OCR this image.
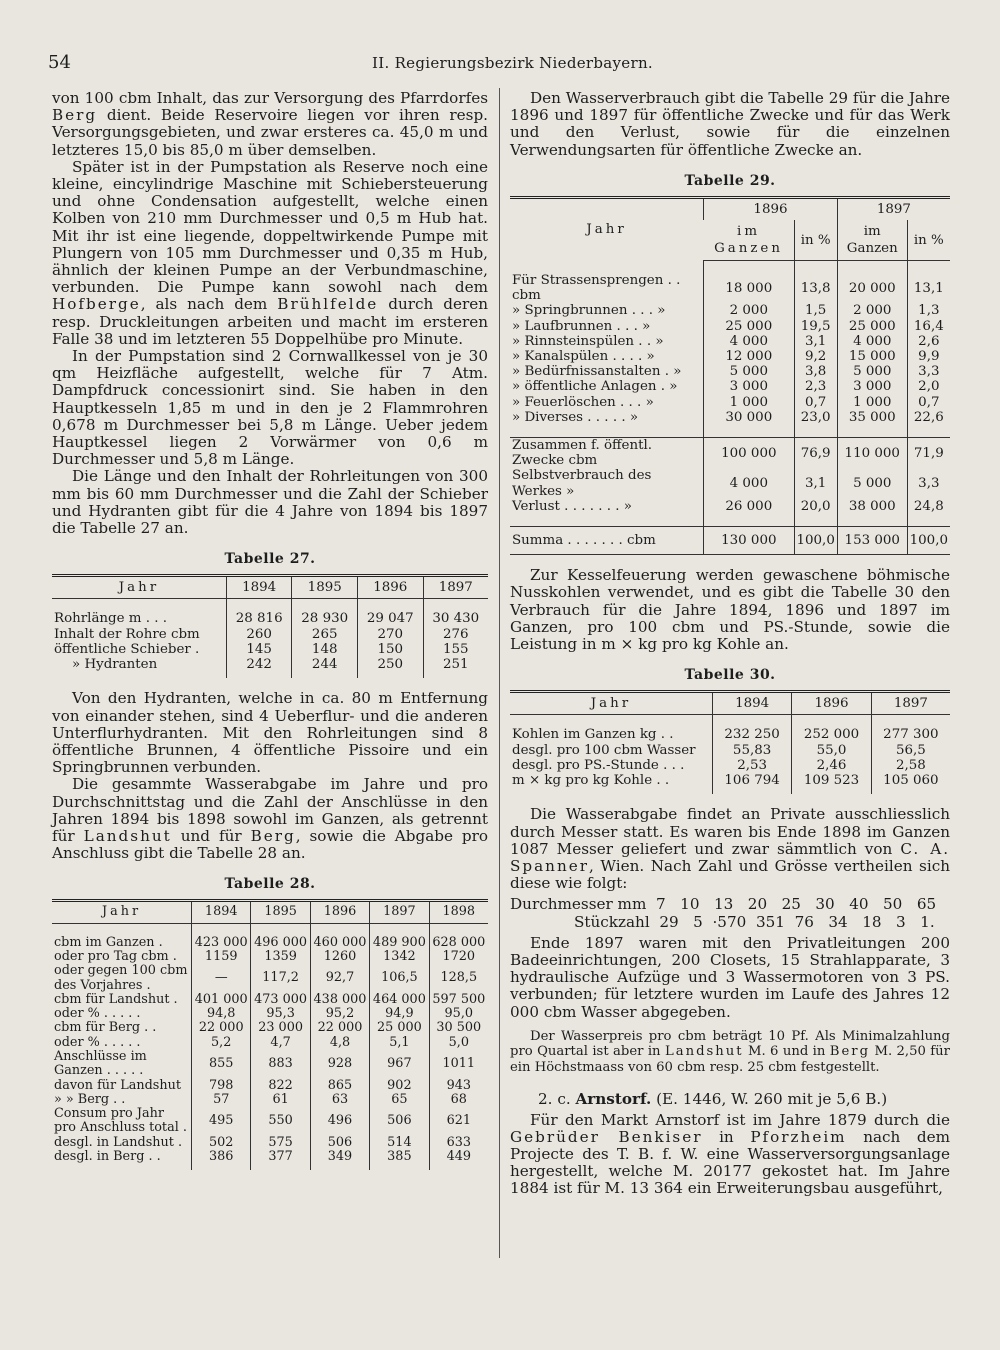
54	II. Regierungsbezirk Niederbayern.

von 100 cbm Inhalt, das zur Versorgung des Pfarrdorfes Berg dient. Beide Reservoire liegen vor ihren resp. Versorgungsgebieten, und zwar ersteres ca. 45,0 m und letzteres 15,0 bis 85,0 m über demselben.

Später ist in der Pumpstation als Reserve noch eine kleine, eincylindrige Maschine mit Schiebersteuerung und ohne Condensation aufgestellt, welche einen Kolben von 210 mm Durchmesser und 0,5 m Hub hat. Mit ihr ist eine liegende, doppeltwirkende Pumpe mit Plungern von 105 mm Durchmesser und 0,35 m Hub, ähnlich der kleinen Pumpe an der Verbundmaschine, verbunden. Die Pumpe kann sowohl nach dem Hofberge, als nach dem Brühlfelde durch deren resp. Druckleitungen arbeiten und macht im ersteren Falle 38 und im letzteren 55 Doppelhübe pro Minute.

In der Pumpstation sind 2 Cornwallkessel von je 30 qm Heizfläche aufgestellt, welche für 7 Atm. Dampfdruck concessionirt sind. Sie haben in den Hauptkesseln 1,85 m und in den je 2 Flammrohren 0,678 m Durchmesser bei 5,8 m Länge. Ueber jedem Hauptkessel liegen 2 Vorwärmer von 0,6 m Durchmesser und 5,8 m Länge.

Die Länge und den Inhalt der Rohrleitungen von 300 mm bis 60 mm Durchmesser und die Zahl der Schieber und Hydranten gibt für die 4 Jahre von 1894 bis 1897 die Tabelle 27 an.

Tabelle 27.
Jahr	1894	1895	1896	1897

Rohrlänge m . . .	28 816	28 930	29 047	30 430
Inhalt der Rohre cbm	260	265	270	276
öffentliche Schieber .	145	148	150	155
» Hydranten	242	244	250	251

Von den Hydranten, welche in ca. 80 m Entfernung von einander stehen, sind 4 Ueberflur- und die anderen Unterflurhydranten. Mit den Rohrleitungen sind 8 öffentliche Brunnen, 4 öffentliche Pissoire und ein Springbrunnen verbunden.

Die gesammte Wasserabgabe im Jahre und pro Durchschnittstag und die Zahl der Anschlüsse in den Jahren 1894 bis 1898 sowohl im Ganzen, als getrennt für Landshut und für Berg, sowie die Abgabe pro Anschluss gibt die Tabelle 28 an.

Tabelle 28.
Jahr	1894	1895	1896	1897	1898

cbm im Ganzen .	423 000	496 000	460 000	489 900	628 000
oder pro Tag cbm .	1159	1359	1260	1342	1720
oder gegen 100 cbm des Vorjahres .	—	117,2	92,7	106,5	128,5
cbm für Landshut .	401 000	473 000	438 000	464 000	597 500
oder % . . . . .	94,8	95,3	95,2	94,9	95,0
cbm für Berg . .	22 000	23 000	22 000	25 000	30 500
oder % . . . . .	5,2	4,7	4,8	5,1	5,0
Anschlüsse im Ganzen . . . . .	855	883	928	967	1011
davon für Landshut	798	822	865	902	943
» » Berg . .	57	61	63	65	68
Consum pro Jahr pro Anschluss total .	495	550	496	506	621
desgl. in Landshut .	502	575	506	514	633
desgl. in Berg . .	386	377	349	385	449

Den Wasserverbrauch gibt die Tabelle 29 für die Jahre 1896 und 1897 für öffentliche Zwecke und für das Werk und den Verlust, sowie für die einzelnen Verwendungsarten für öffentliche Zwecke an.

Tabelle 29.
Jahr	1896		1897	
	im Ganzen	in %	im Ganzen	in %

Für Strassensprengen . . cbm	18 000	13,8	20 000	13,1
» Springbrunnen . . . »	2 000	1,5	2 000	1,3
» Laufbrunnen . . . »	25 000	19,5	25 000	16,4
» Rinnsteinspülen . . »	4 000	3,1	4 000	2,6
» Kanalspülen . . . . »	12 000	9,2	15 000	9,9
» Bedürfnissanstalten . »	5 000	3,8	5 000	3,3
» öffentliche Anlagen . »	3 000	2,3	3 000	2,0
» Feuerlöschen . . . »	1 000	0,7	1 000	0,7
» Diverses . . . . . »	30 000	23,0	35 000	22,6

Zusammen f. öffentl. Zwecke cbm	100 000	76,9	110 000	71,9
Selbstverbrauch des Werkes »	4 000	3,1	5 000	3,3
Verlust . . . . . . . »	26 000	20,0	38 000	24,8

Summa . . . . . . . cbm	130 000	100,0	153 000	100,0

Zur Kesselfeuerung werden gewaschene böhmische Nusskohlen verwendet, und es gibt die Tabelle 30 den Verbrauch für die Jahre 1894, 1896 und 1897 im Ganzen, pro 100 cbm und PS.-Stunde, sowie die Leistung in m ⨯ kg pro kg Kohle an.

Tabelle 30.
Jahr	1894	1896	1897

Kohlen im Ganzen kg . .	232 250	252 000	277 300
desgl. pro 100 cbm Wasser	55,83	55,0	56,5
desgl. pro PS.-Stunde . . .	2,53	2,46	2,58
m ⨯ kg pro kg Kohle . .	106 794	109 523	105 060

Die Wasserabgabe findet an Private ausschliesslich durch Messer statt. Es waren bis Ende 1898 im Ganzen 1087 Messer geliefert und zwar sämmtlich von C. A. Spanner, Wien. Nach Zahl und Grösse vertheilen sich diese wie folgt:

Durchmesser mm  7   10   13   20   25   30   40   50   65

Stückzahl  29   5  ·570  351  76   34   18   3   1.

Ende 1897 waren mit den Privatleitungen 200 Badeeinrichtungen, 200 Closets, 15 Strahlapparate, 3 hydraulische Aufzüge und 3 Wassermotoren von 3 PS. verbunden; für letztere wurden im Laufe des Jahres 12 000 cbm Wasser abgegeben.

Der Wasserpreis pro cbm beträgt 10 Pf. Als Minimalzahlung pro Quartal ist aber in Landshut M. 6 und in Berg M. 2,50 für ein Höchstmaass von 60 cbm resp. 25 cbm festgestellt.

2. c. Arnstorf. (E. 1446, W. 260 mit je 5,6 B.)

Für den Markt Arnstorf ist im Jahre 1879 durch die Gebrüder Benkiser in Pforzheim nach dem Projecte des T. B. f. W. eine Wasserversorgungsanlage hergestellt, welche M. 20177 gekostet hat. Im Jahre 1884 ist für M. 13 364 ein Erweiterungsbau ausgeführt,
